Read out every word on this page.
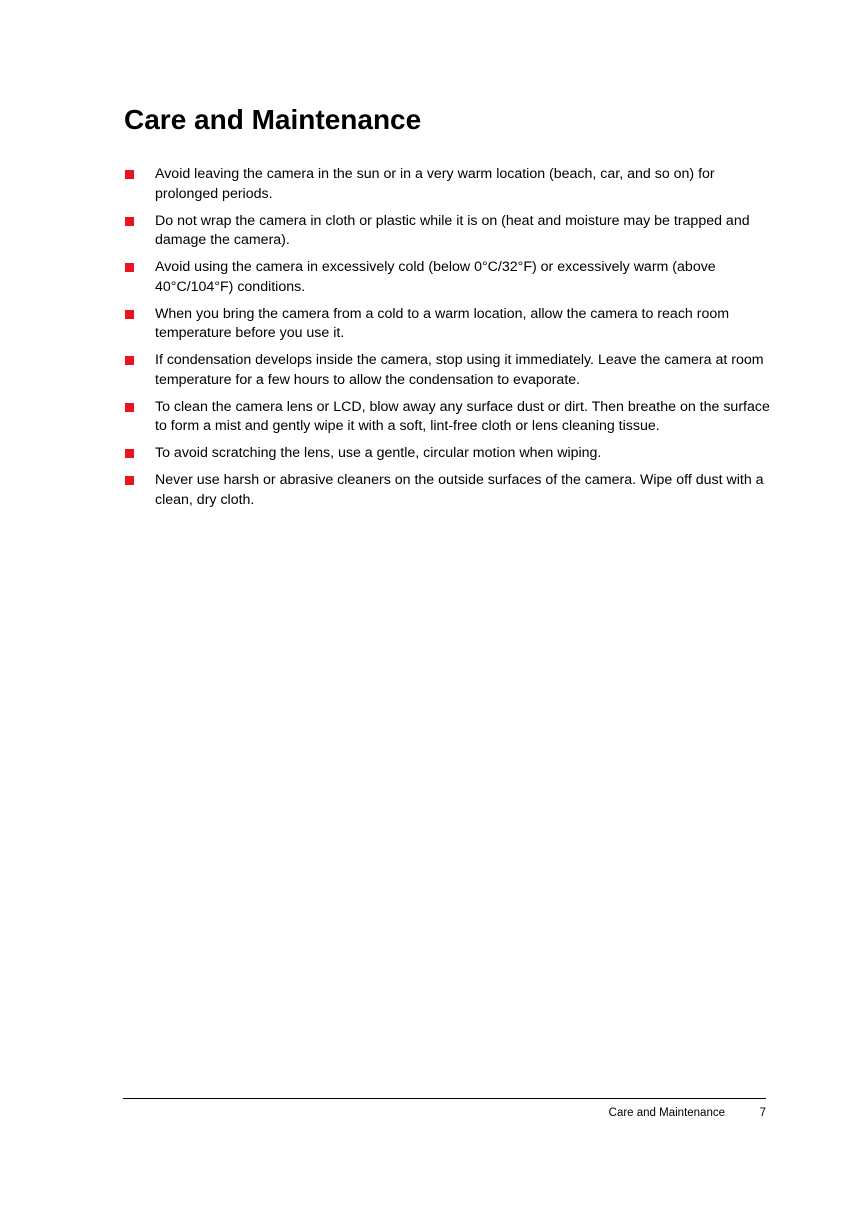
Care and Maintenance
Avoid leaving the camera in the sun or in a very warm location (beach, car, and so on) for prolonged periods.
Do not wrap the camera in cloth or plastic while it is on (heat and moisture may be trapped and damage the camera).
Avoid using the camera in excessively cold (below 0°C/32°F) or excessively warm (above 40°C/104°F) conditions.
When you bring the camera from a cold to a warm location, allow the camera to reach room temperature before you use it.
If condensation develops inside the camera, stop using it immediately. Leave the camera at room temperature for a few hours to allow the condensation to evaporate.
To clean the camera lens or LCD, blow away any surface dust or dirt. Then breathe on the surface to form a mist and gently wipe it with a soft, lint-free cloth or lens cleaning tissue.
To avoid scratching the lens, use a gentle, circular motion when wiping.
Never use harsh or abrasive cleaners on the outside surfaces of the camera. Wipe off dust with a clean, dry cloth.
Care and Maintenance	7
